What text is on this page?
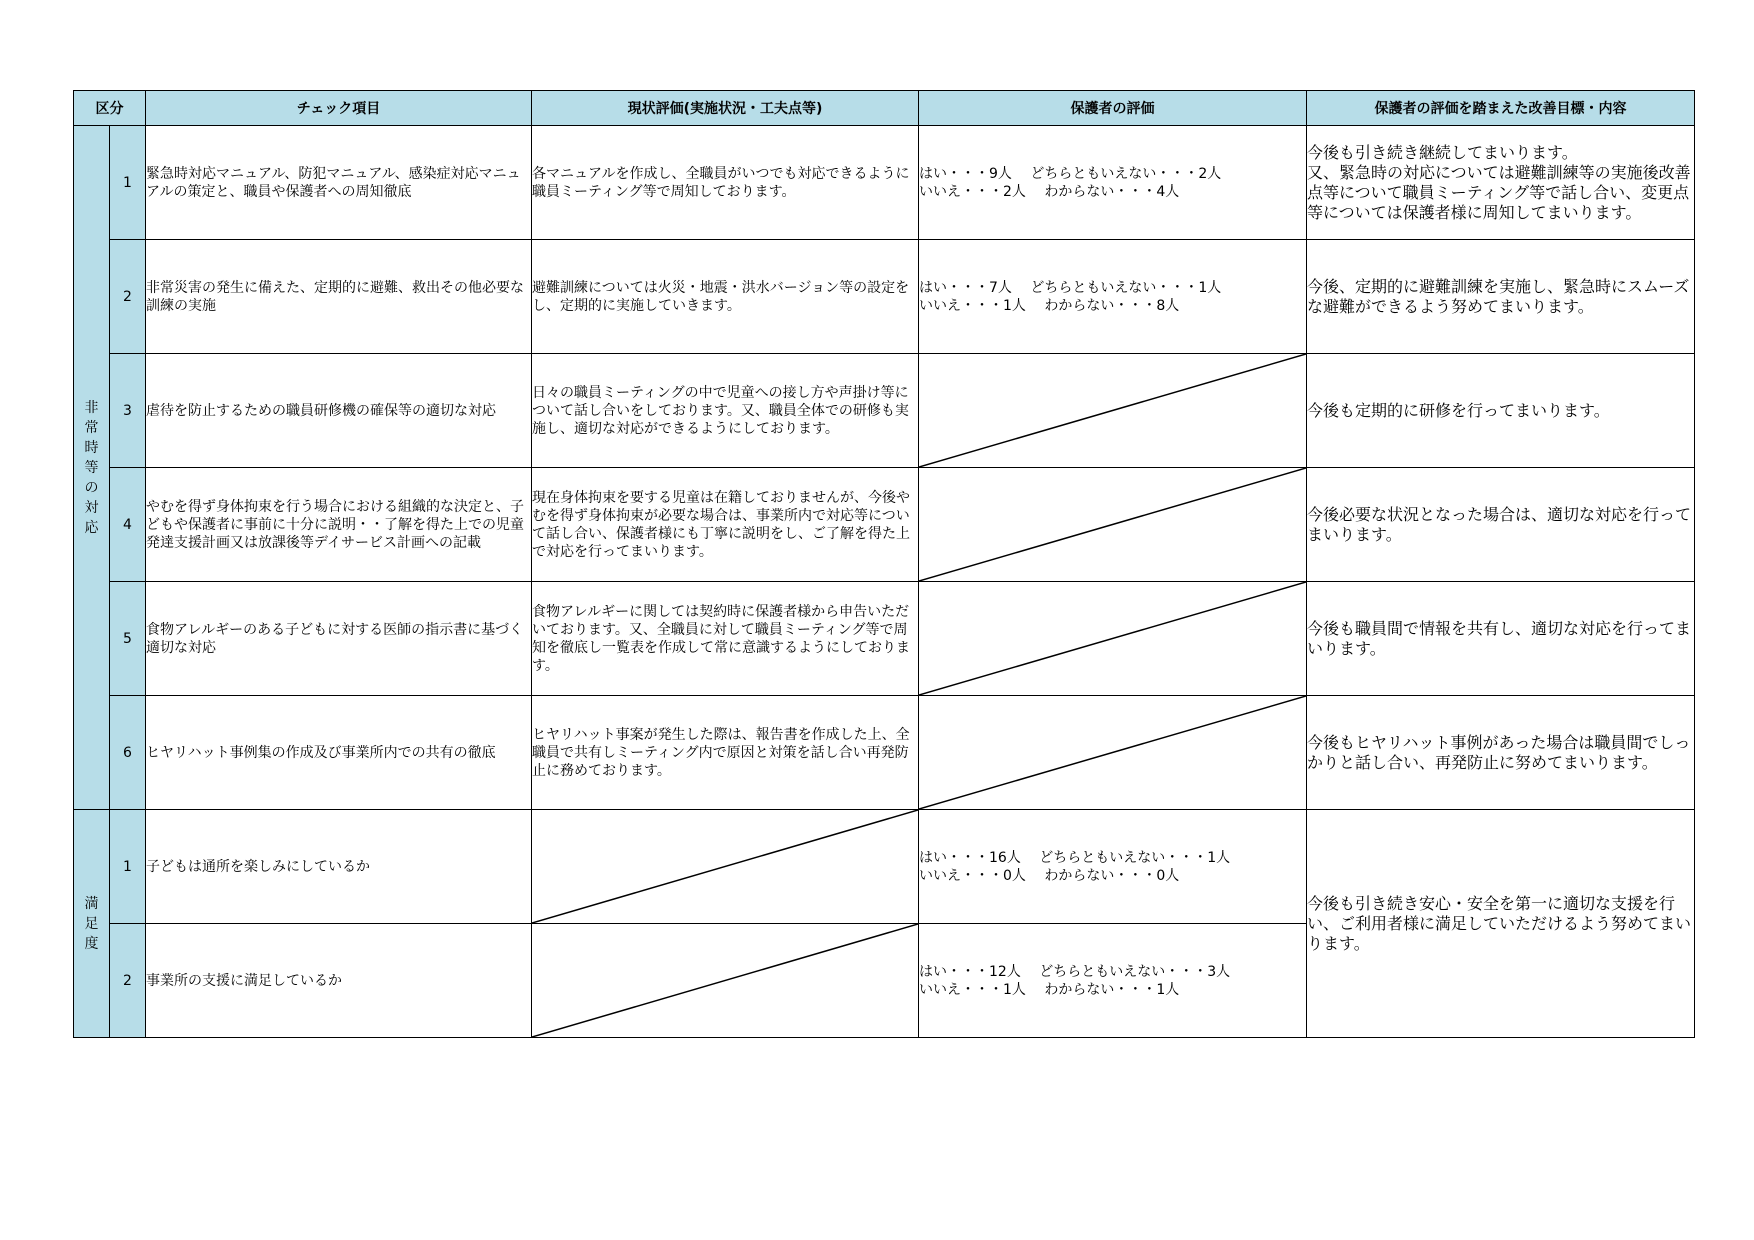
区分		チェック項目	現状評価(実施状況・工夫点等)	保護者の評価	保護者の評価を踏まえた改善目標・内容
非常時等の対応	1	緊急時対応マニュアル、防犯マニュアル、感染症対応マニュアルの策定と、職員や保護者への周知徹底	各マニュアルを作成し、全職員がいつでも対応できるように職員ミーティング等で周知しております。	はい・・・9人　 どちらともいえない・・・2人
いいえ・・・2人　 わからない・・・4人	今後も引き続き継続してまいります。
又、緊急時の対応については避難訓練等の実施後改善点等について職員ミーティング等で話し合い、変更点等については保護者様に周知してまいります。
	2	非常災害の発生に備えた、定期的に避難、救出その他必要な訓練の実施	避難訓練については火災・地震・洪水バージョン等の設定をし、定期的に実施していきます。	はい・・・7人　 どちらともいえない・・・1人
いいえ・・・1人　 わからない・・・8人	今後、定期的に避難訓練を実施し、緊急時にスムーズな避難ができるよう努めてまいります。
	3	虐待を防止するための職員研修機の確保等の適切な対応	日々の職員ミーティングの中で児童への接し方や声掛け等について話し合いをしております。又、職員全体での研修も実施し、適切な対応ができるようにしております。		今後も定期的に研修を行ってまいります。
	4	やむを得ず身体拘束を行う場合における組織的な決定と、子どもや保護者に事前に十分に説明・・了解を得た上での児童発達支援計画又は放課後等デイサービス計画への記載	現在身体拘束を要する児童は在籍しておりませんが、今後やむを得ず身体拘束が必要な場合は、事業所内で対応等について話し合い、保護者様にも丁寧に説明をし、ご了解を得た上で対応を行ってまいります。		今後必要な状況となった場合は、適切な対応を行ってまいります。
	5	食物アレルギーのある子どもに対する医師の指示書に基づく適切な対応	食物アレルギーに関しては契約時に保護者様から申告いただいております。又、全職員に対して職員ミーティング等で周知を徹底し一覧表を作成して常に意識するようにしております。		今後も職員間で情報を共有し、適切な対応を行ってまいります。
	6	ヒヤリハット事例集の作成及び事業所内での共有の徹底	ヒヤリハット事案が発生した際は、報告書を作成した上、全職員で共有しミーティング内で原因と対策を話し合い再発防止に務めております。		今後もヒヤリハット事例があった場合は職員間でしっかりと話し合い、再発防止に努めてまいります。
満足度	1	子どもは通所を楽しみにしているか		はい・・・16人　 どちらともいえない・・・1人
いいえ・・・0人　 わからない・・・0人	今後も引き続き安心・安全を第一に適切な支援を行い、ご利用者様に満足していただけるよう努めてまいります。
	2	事業所の支援に満足しているか		はい・・・12人　 どちらともいえない・・・3人
いいえ・・・1人　 わからない・・・1人	
